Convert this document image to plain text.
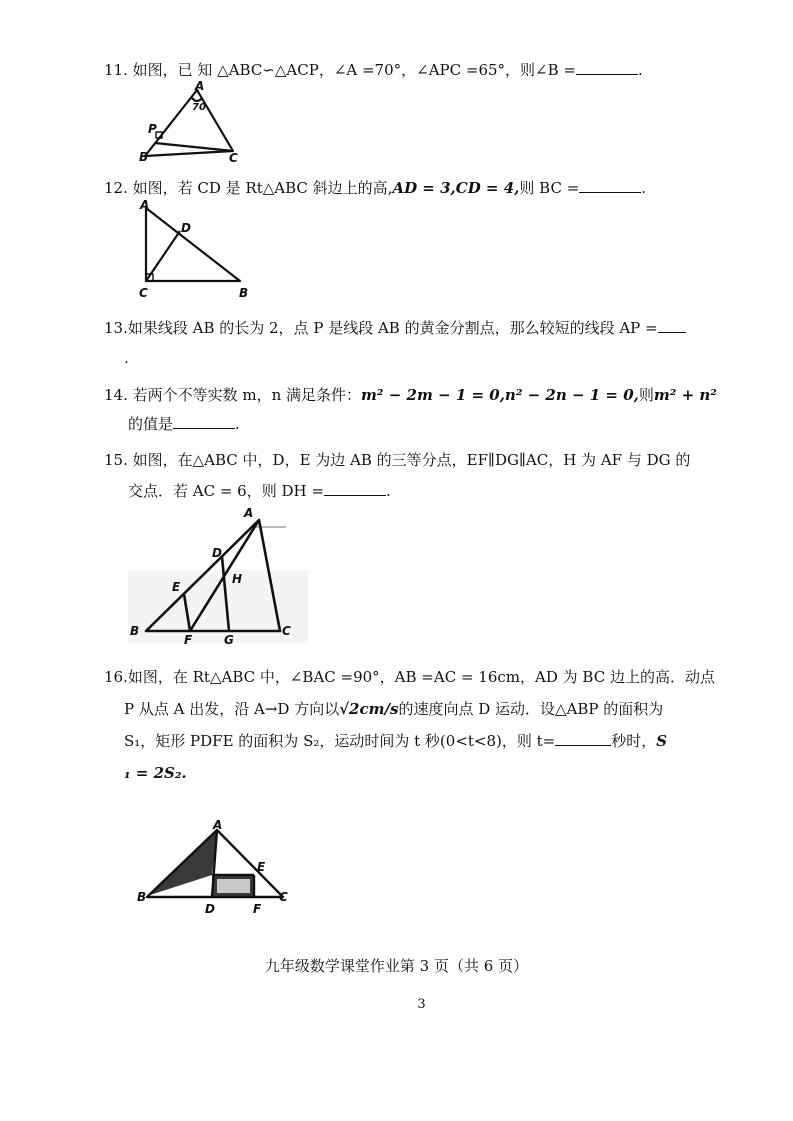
11. 如图，已 知 △ABC∽△ACP，∠A =70°，∠APC =65°，则∠B =	.
A
70
P
B	C
12. 如图，若 CD 是 Rt△ABC 斜边上的高,AD = 3,CD = 4,则 BC =	.
A
D
C	B
13.如果线段 AB 的长为 2，点 P 是线段 AB 的黄金分割点，那么较短的线段 AP =
.
14. 若两个不等实数 m，n 满足条件：m² − 2m − 1 = 0,n² − 2n − 1 = 0,则m² + n²
的值是	.
15. 如图，在△ABC 中，D，E 为边 AB 的三等分点，EF∥DG∥AC，H 为 AF 与 DG 的
交点．若 AC = 6，则 DH =	.
A
D
E
H
B
F	G
C
16.如图，在 Rt△ABC 中，∠BAC =90°，AB =AC = 16cm，AD 为 BC 边上的高．动点
P 从点 A 出发，沿 A→D 方向以√2cm/s的速度向点 D 运动．设△ABP 的面积为
S₁，矩形 PDFE 的面积为 S₂，运动时间为 t 秒(0<t<8)，则 t=	秒时，S
₁ = 2S₂.
A
E
B
D	F
C
九年级数学课堂作业第 3 页（共 6 页）
3
